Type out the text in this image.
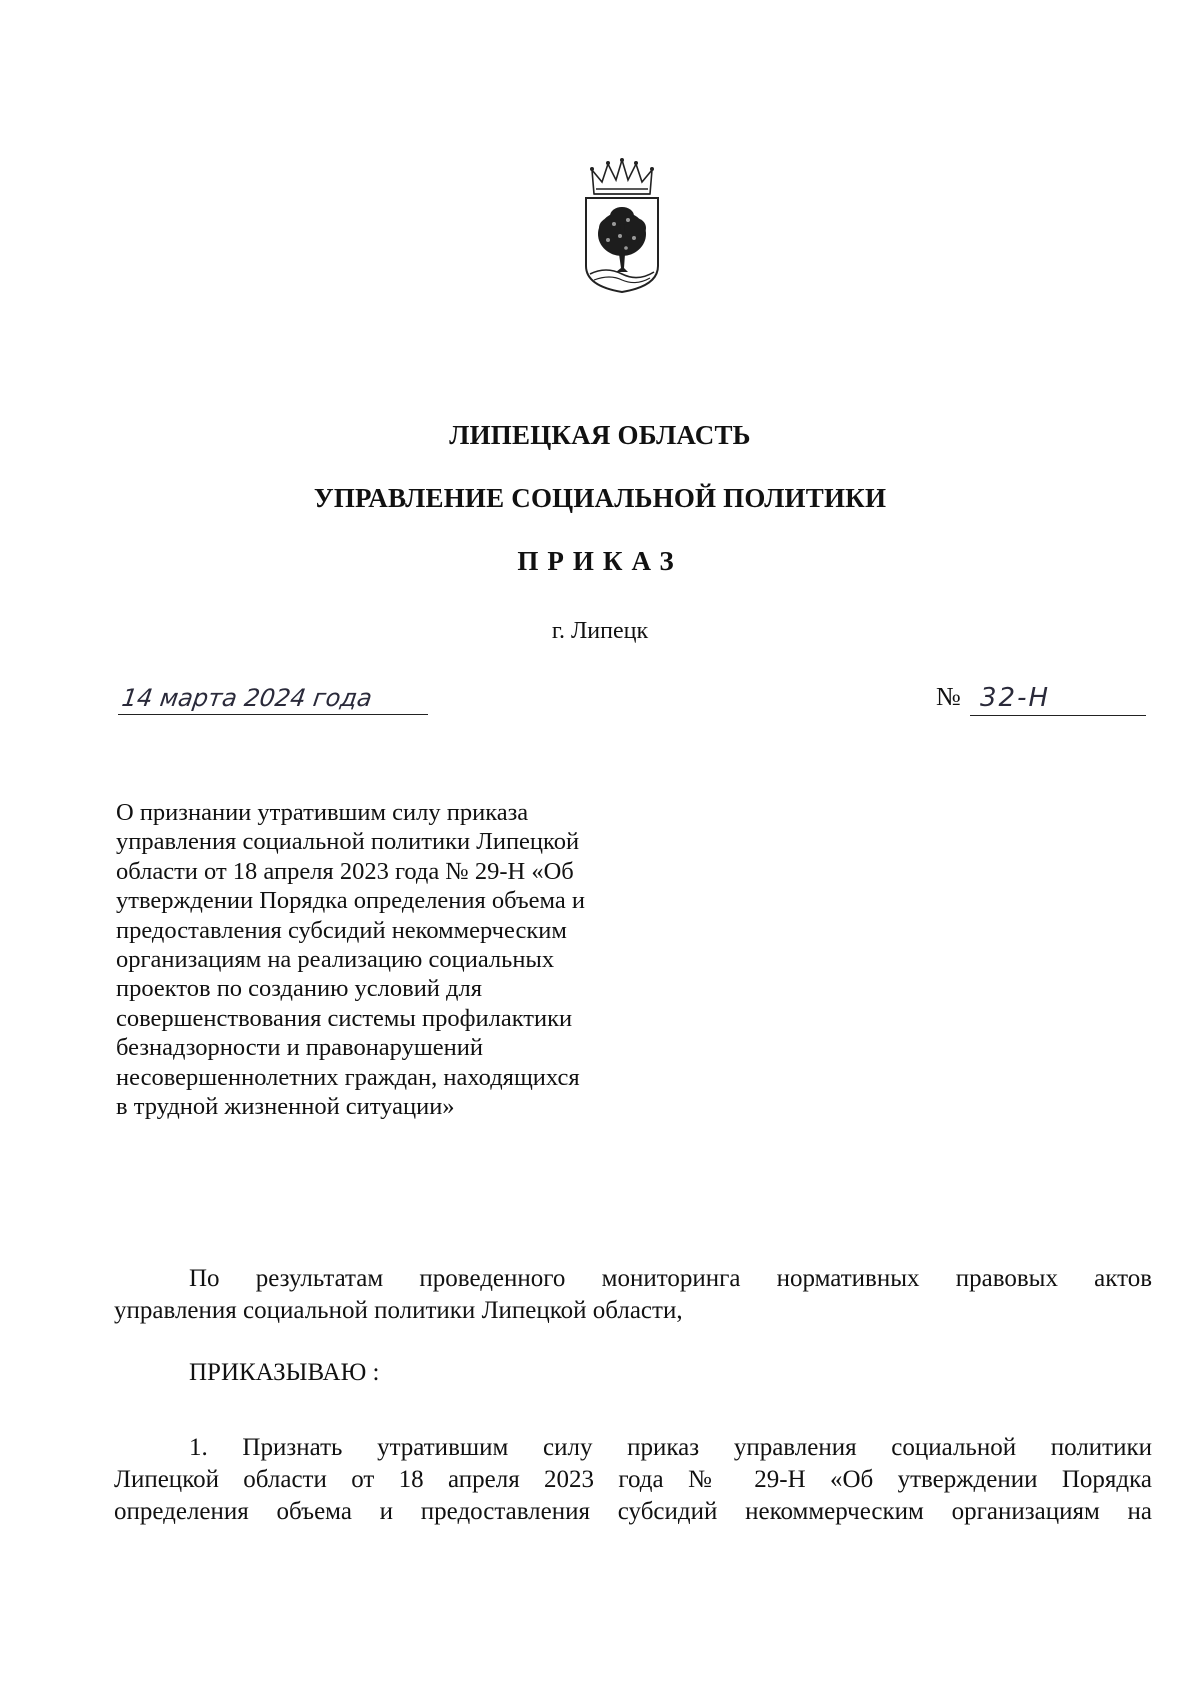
ЛИПЕЦКАЯ ОБЛАСТЬ
УПРАВЛЕНИЕ СОЦИАЛЬНОЙ ПОЛИТИКИ
ПРИКАЗ
г. Липецк
14 марта 2024 года	№ 32-Н
О признании утратившим силу приказа
управления социальной политики Липецкой
области от 18 апреля 2023 года № 29-Н «Об
утверждении Порядка определения объема и
предоставления субсидий некоммерческим
организациям на реализацию социальных
проектов по созданию условий для
совершенствования системы профилактики
безнадзорности и правонарушений
несовершеннолетних граждан, находящихся
в трудной жизненной ситуации»
По результатам проведенного мониторинга нормативных правовых актов
управления социальной политики Липецкой области,
ПРИКАЗЫВАЮ :
1. Признать утратившим силу приказ управления социальной политики
Липецкой области от 18 апреля 2023 года № 29-Н «Об утверждении Порядка
определения объема и предоставления субсидий некоммерческим организациям на
